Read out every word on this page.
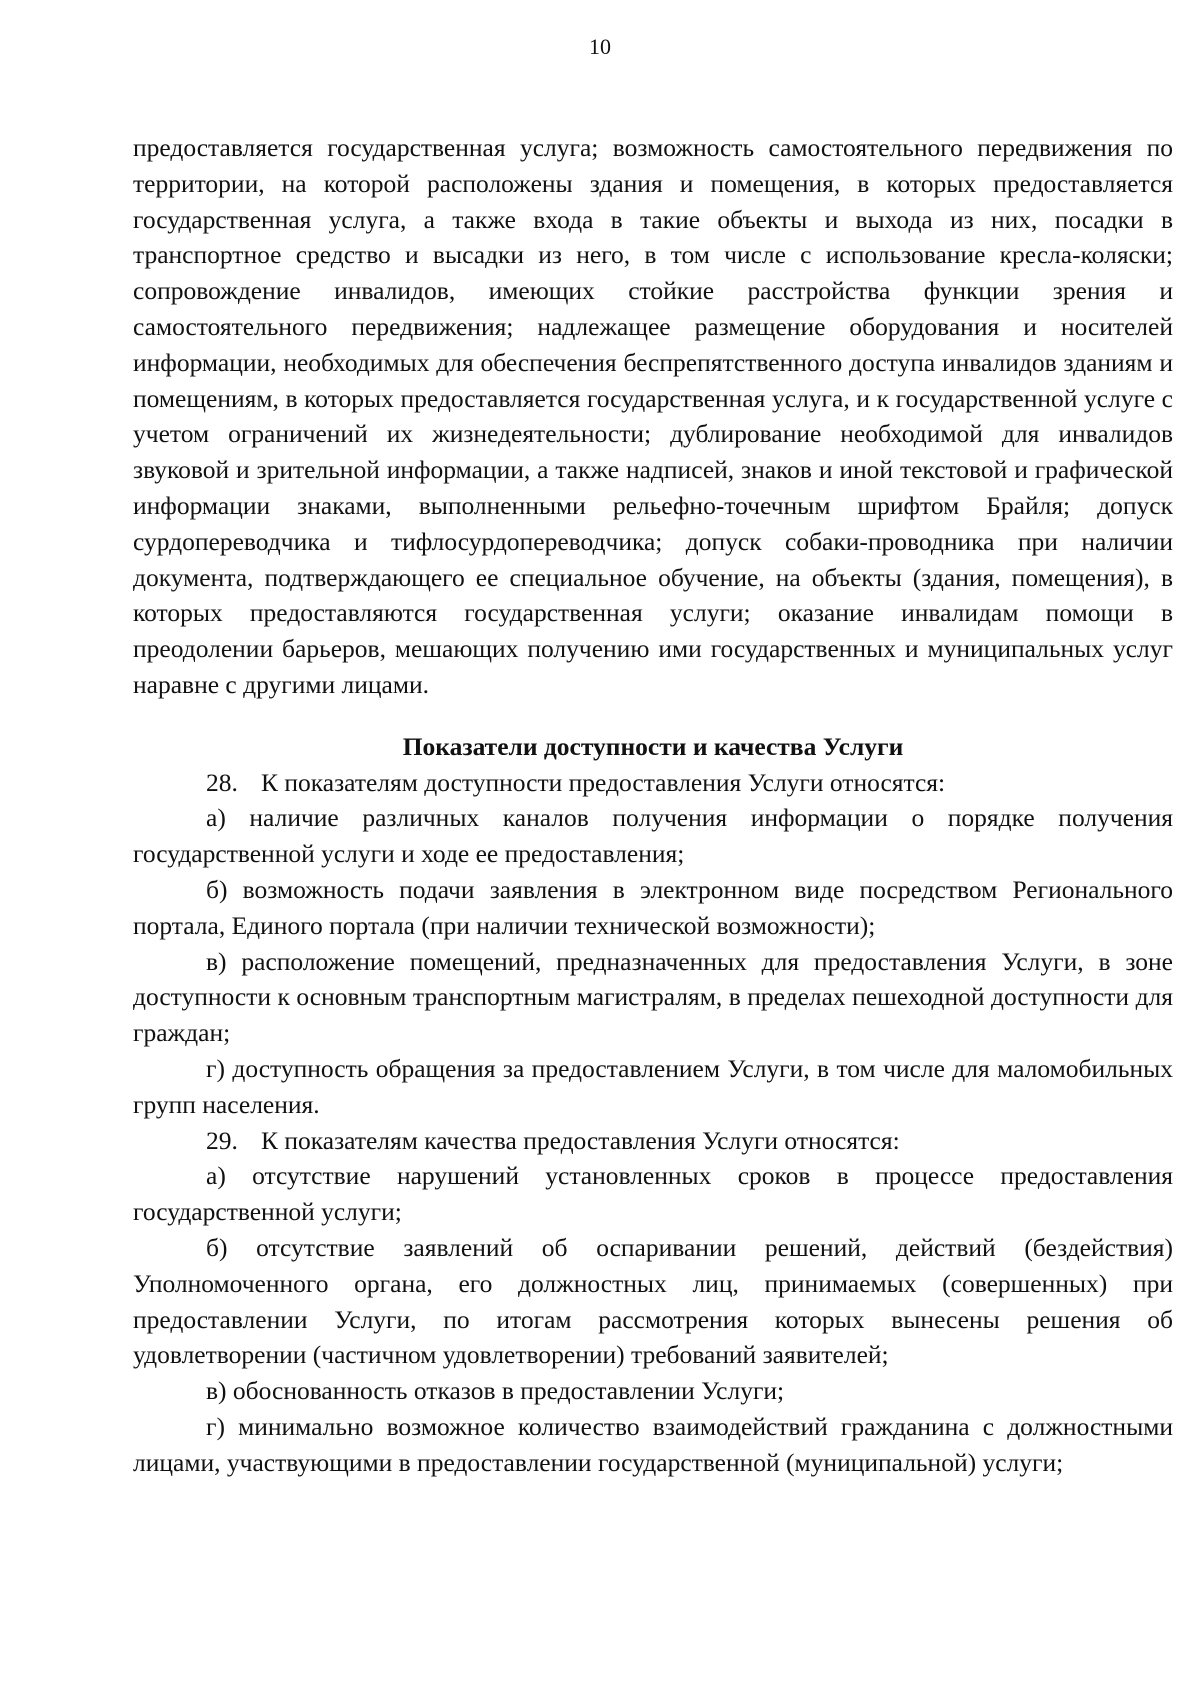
10

предоставляется государственная услуга; возможность самостоятельного передвижения по территории, на которой расположены здания и помещения, в которых предоставляется государственная услуга, а также входа в такие объекты и выхода из них, посадки в транспортное средство и высадки из него, в том числе с использование кресла-коляски; сопровождение инвалидов, имеющих стойкие расстройства функции зрения и самостоятельного передвижения; надлежащее размещение оборудования и носителей информации, необходимых для обеспечения беспрепятственного доступа инвалидов зданиям и помещениям, в которых предоставляется государственная услуга, и к государственной услуге с учетом ограничений их жизнедеятельности; дублирование необходимой для инвалидов звуковой и зрительной информации, а также надписей, знаков и иной текстовой и графической информации знаками, выполненными рельефно-точечным шрифтом Брайля; допуск сурдопереводчика и тифлосурдопереводчика; допуск собаки-проводника при наличии документа, подтверждающего ее специальное обучение, на объекты (здания, помещения), в которых предоставляются государственная услуги; оказание инвалидам помощи в преодолении барьеров, мешающих получению ими государственных и муниципальных услуг наравне с другими лицами.

Показатели доступности и качества Услуги

28. К показателям доступности предоставления Услуги относятся:

а) наличие различных каналов получения информации о порядке получения государственной услуги и ходе ее предоставления;

б) возможность подачи заявления в электронном виде посредством Регионального портала, Единого портала (при наличии технической возможности);

в) расположение помещений, предназначенных для предоставления Услуги, в зоне доступности к основным транспортным магистралям, в пределах пешеходной доступности для граждан;

г) доступность обращения за предоставлением Услуги, в том числе для маломобильных групп населения.

29. К показателям качества предоставления Услуги относятся:

а) отсутствие нарушений установленных сроков в процессе предоставления государственной услуги;

б) отсутствие заявлений об оспаривании решений, действий (бездействия) Уполномоченного органа, его должностных лиц, принимаемых (совершенных) при предоставлении Услуги, по итогам рассмотрения которых вынесены решения об удовлетворении (частичном удовлетворении) требований заявителей;

в) обоснованность отказов в предоставлении Услуги;

г) минимально возможное количество взаимодействий гражданина с должностными лицами, участвующими в предоставлении государственной (муниципальной) услуги;
